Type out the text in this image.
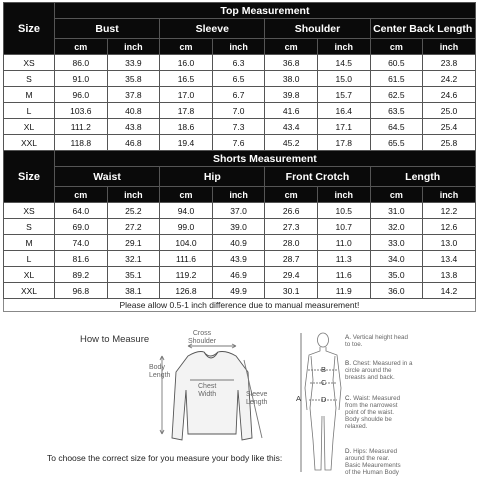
Size	Top Measurement							
	Bust		Sleeve		Shoulder		Center Back Length	
	cm	inch	cm	inch	cm	inch	cm	inch
XS	86.0	33.9	16.0	6.3	36.8	14.5	60.5	23.8
S	91.0	35.8	16.5	6.5	38.0	15.0	61.5	24.2
M	96.0	37.8	17.0	6.7	39.8	15.7	62.5	24.6
L	103.6	40.8	17.8	7.0	41.6	16.4	63.5	25.0
XL	111.2	43.8	18.6	7.3	43.4	17.1	64.5	25.4
XXL	118.8	46.8	19.4	7.6	45.2	17.8	65.5	25.8
Size	Shorts Measurement							
	Waist		Hip		Front Crotch		Length	
	cm	inch	cm	inch	cm	inch	cm	inch
XS	64.0	25.2	94.0	37.0	26.6	10.5	31.0	12.2
S	69.0	27.2	99.0	39.0	27.3	10.7	32.0	12.6
M	74.0	29.1	104.0	40.9	28.0	11.0	33.0	13.0
L	81.6	32.1	111.6	43.9	28.7	11.3	34.0	13.4
XL	89.2	35.1	119.2	46.9	29.4	11.6	35.0	13.8
XXL	96.8	38.1	126.8	49.9	30.1	11.9	36.0	14.2
Please allow 0.5-1 inch difference due to manual measurement!								
How to Measure
Cross
Shoulder
Body
Length
Chest
Width	Sleeve
Length	A
B
C
D
A. Vertical height head
to toe.
B. Chest: Measured in a
circle around the
breasts and back.
C. Waist: Measured
from the narrowest
point of the waist.
Body shoulde be
relaxed.
D. Hips: Measured
around the rear.
Basic Meaurements
of the Human Body
To choose the correct size for you measure your body like this:
